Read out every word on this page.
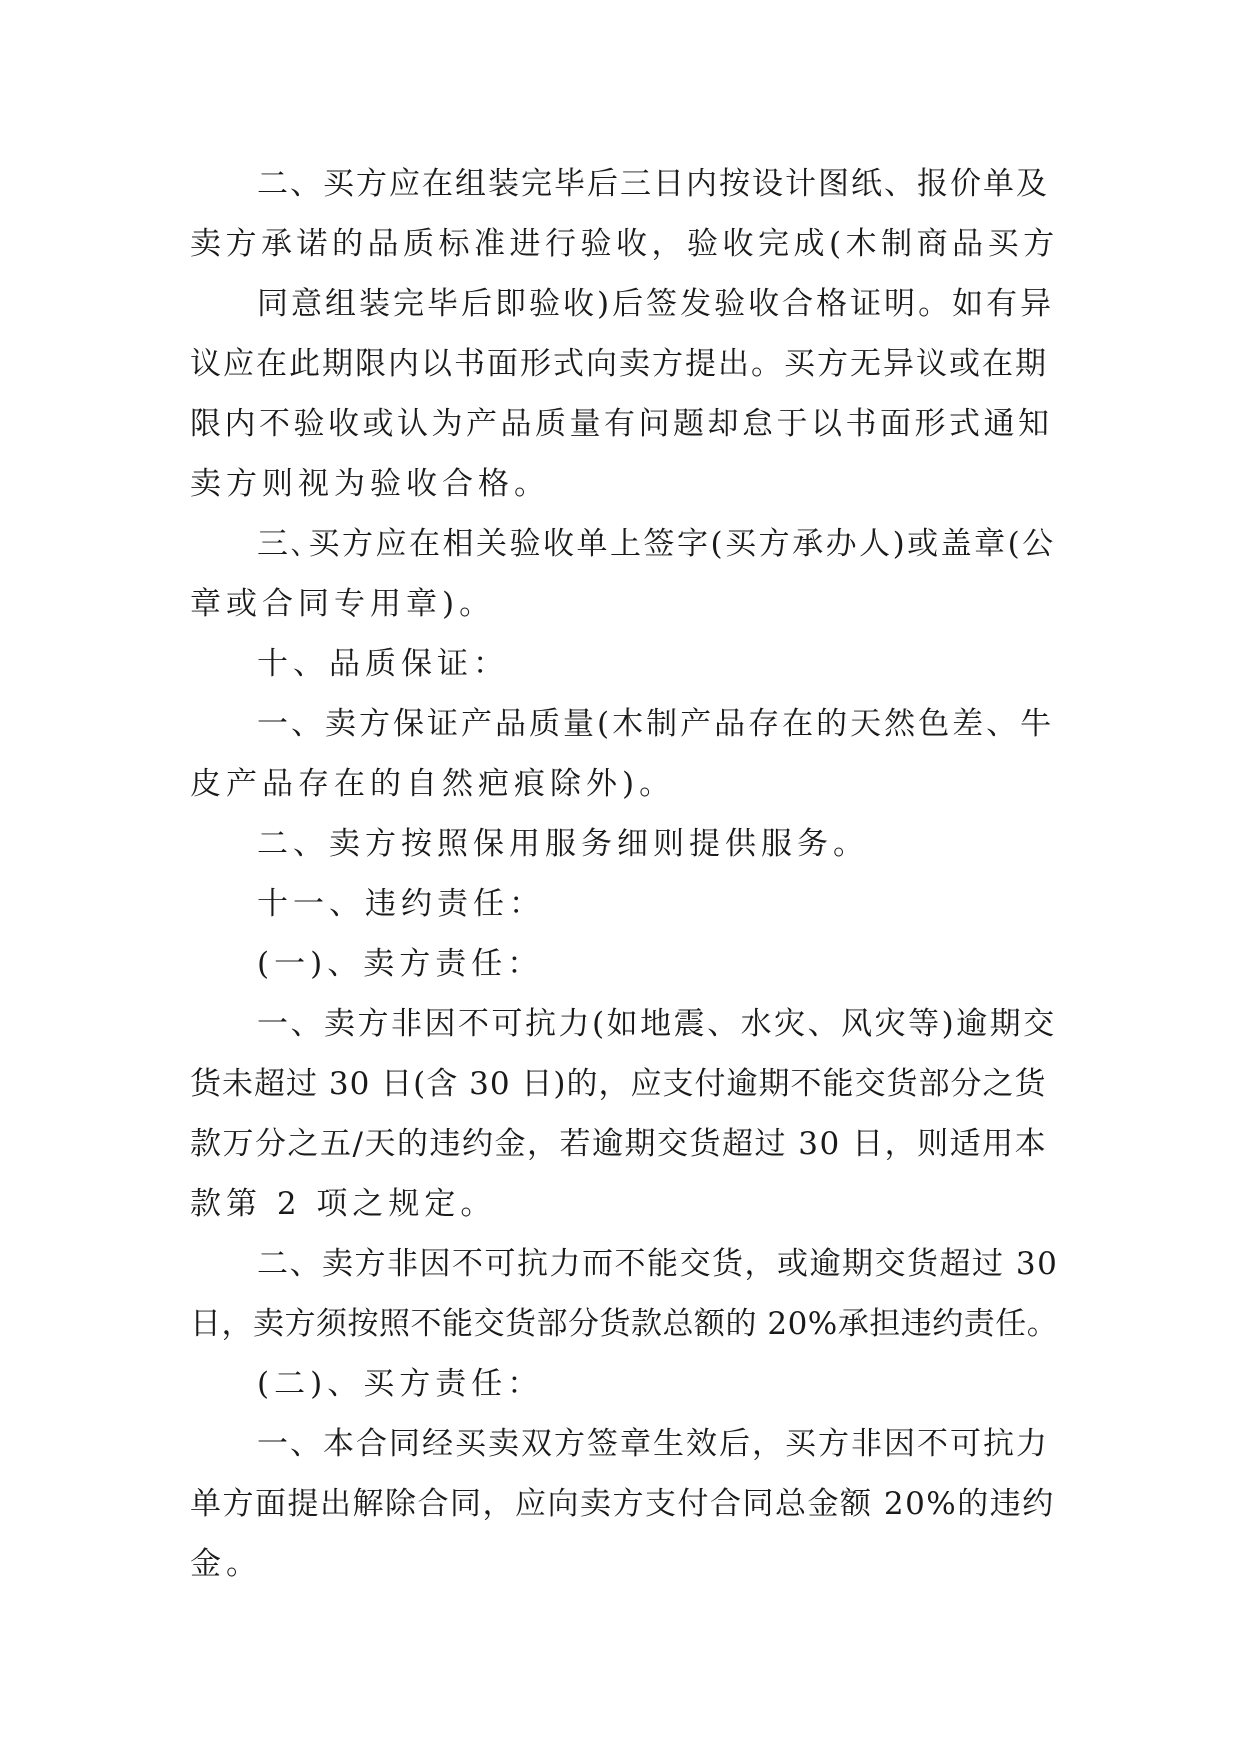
二、买方应在组装完毕后三日内按设计图纸、报价单及

卖方承诺的品质标准进行验收，验收完成(木制商品买方

同意组装完毕后即验收)后签发验收合格证明。如有异

议应在此期限内以书面形式向卖方提出。买方无异议或在期

限内不验收或认为产品质量有问题却怠于以书面形式通知

卖方则视为验收合格。

三､买方应在相关验收单上签字(买方承办人)或盖章(公

章或合同专用章)。

十、品质保证：

一、卖方保证产品质量(木制产品存在的天然色差、牛

皮产品存在的自然疤痕除外)。

二、卖方按照保用服务细则提供服务。

十一、违约责任：

(一)、卖方责任：

一、卖方非因不可抗力(如地震、水灾、风灾等)逾期交

货未超过 30 日(含 30 日)的，应支付逾期不能交货部分之货

款万分之五/天的违约金，若逾期交货超过 30 日，则适用本

款第 2 项之规定。

二、卖方非因不可抗力而不能交货，或逾期交货超过 30

日，卖方须按照不能交货部分货款总额的 20%承担违约责任。

(二)、买方责任：

一、本合同经买卖双方签章生效后，买方非因不可抗力

单方面提出解除合同，应向卖方支付合同总金额 20%的违约

金。
